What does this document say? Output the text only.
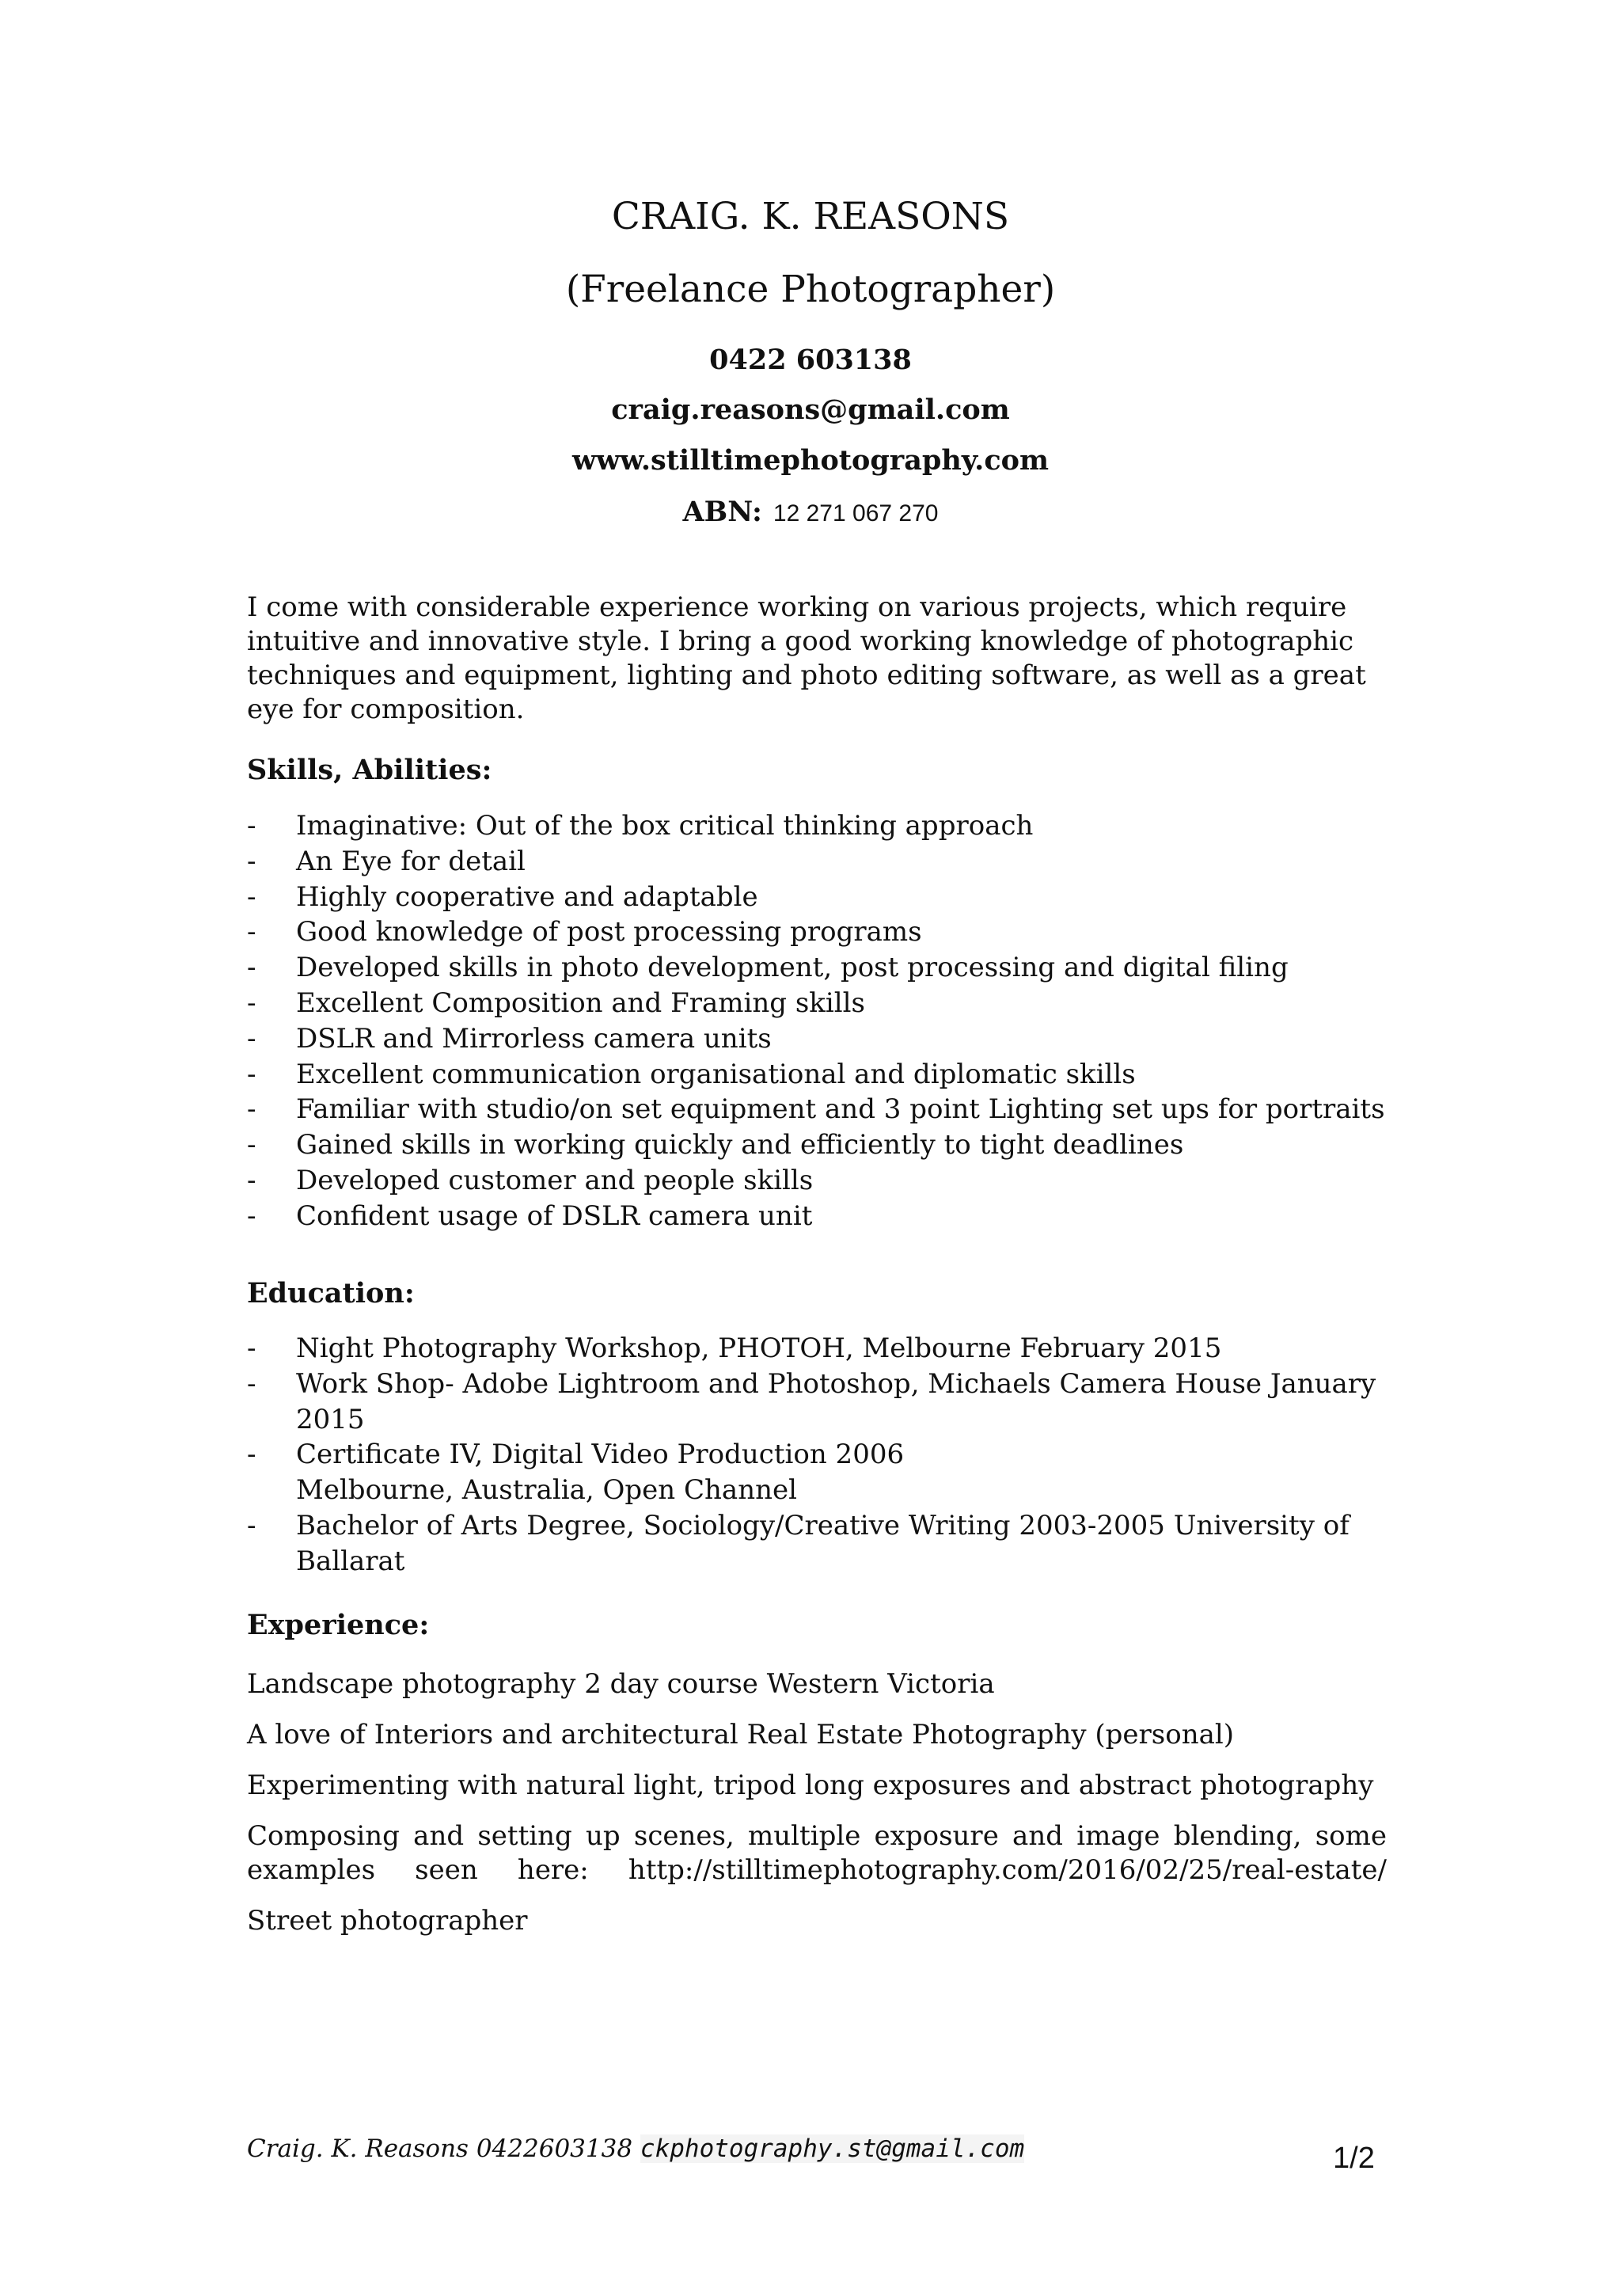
CRAIG. K. REASONS
(Freelance Photographer)
0422 603138
craig.reasons@gmail.com
www.stilltimephotography.com
ABN: 12 271 067 270

I come with considerable experience working on various projects, which require intuitive and innovative style. I bring a good working knowledge of photographic techniques and equipment, lighting and photo editing software, as well as a great eye for composition.

Skills, Abilities:
- Imaginative: Out of the box critical thinking approach
- An Eye for detail
- Highly cooperative and adaptable
- Good knowledge of post processing programs
- Developed skills in photo development, post processing and digital filing
- Excellent Composition and Framing skills
- DSLR and Mirrorless camera units
- Excellent communication organisational and diplomatic skills
- Familiar with studio/on set equipment and 3 point Lighting set ups for portraits
- Gained skills in working quickly and efficiently to tight deadlines
- Developed customer and people skills
- Confident usage of DSLR camera unit
Education:
- Night Photography Workshop, PHOTOH, Melbourne February 2015
- Work Shop- Adobe Lightroom and Photoshop, Michaels Camera House January 2015
- Certificate IV, Digital Video Production 2006
Melbourne, Australia, Open Channel
- Bachelor of Arts Degree, Sociology/Creative Writing 2003-2005 University of Ballarat
Experience:

Landscape photography 2 day course Western Victoria

A love of Interiors and architectural Real Estate Photography (personal)

Experimenting with natural light, tripod long exposures and abstract photography

Composing and setting up scenes, multiple exposure and image blending, some
examples seen here: http://stilltimephotography.com/2016/02/25/real-estate/

Street photographer

Craig. K. Reasons 0422603138 ckphotography.st@gmail.com	1/2
